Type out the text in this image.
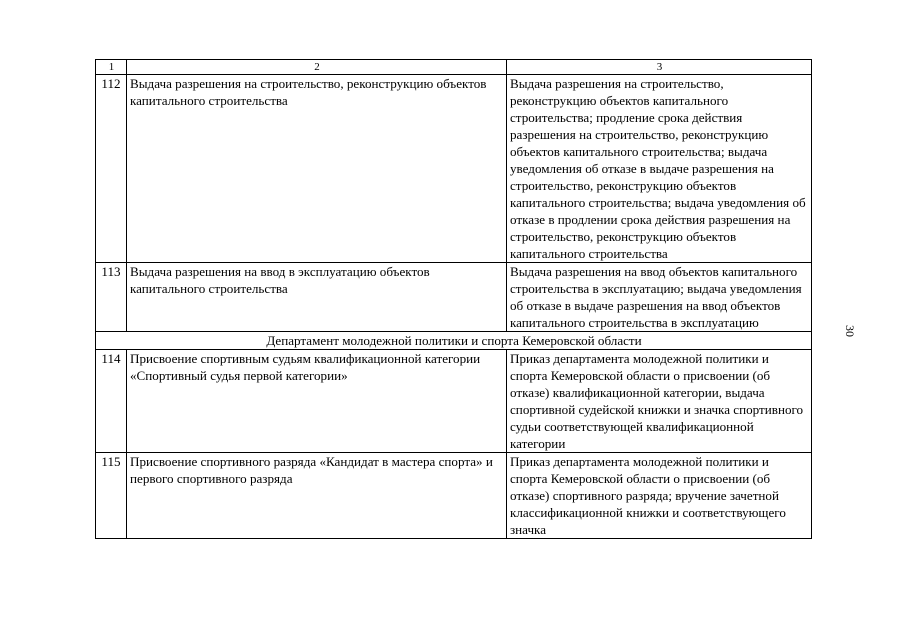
1	2	3
112	Выдача разрешения на строительство, реконструкцию объектов капитального строительства	Выдача разрешения на строительство, реконструкцию объектов капитального строительства; продление срока действия разрешения на строительство, реконструкцию объектов капитального строительства; выдача уведомления об отказе в выдаче разрешения на строительство, реконструкцию объектов капитального строительства; выдача уведомления об отказе в продлении срока действия разрешения на строительство, реконструкцию объектов капитального строительства
113	Выдача разрешения на ввод в эксплуатацию объектов капитального строительства	Выдача разрешения на ввод объектов капитального строительства в эксплуатацию; выдача уведомления об отказе в выдаче разрешения на ввод объектов капитального строительства в эксплуатацию
Департамент молодежной политики и спорта Кемеровской области		
114	Присвоение спортивным судьям квалификационной категории «Спортивный судья первой категории»	Приказ департамента молодежной политики и спорта Кемеровской области о присвоении (об отказе) квалификационной категории, выдача спортивной судейской книжки и значка спортивного судьи соответствующей квалификационной категории
115	Присвоение спортивного разряда «Кандидат в мастера спорта» и первого спортивного разряда	Приказ департамента молодежной политики и спорта Кемеровской области о присвоении (об отказе) спортивного разряда; вручение зачетной классификационной книжки и соответствующего значка
30
